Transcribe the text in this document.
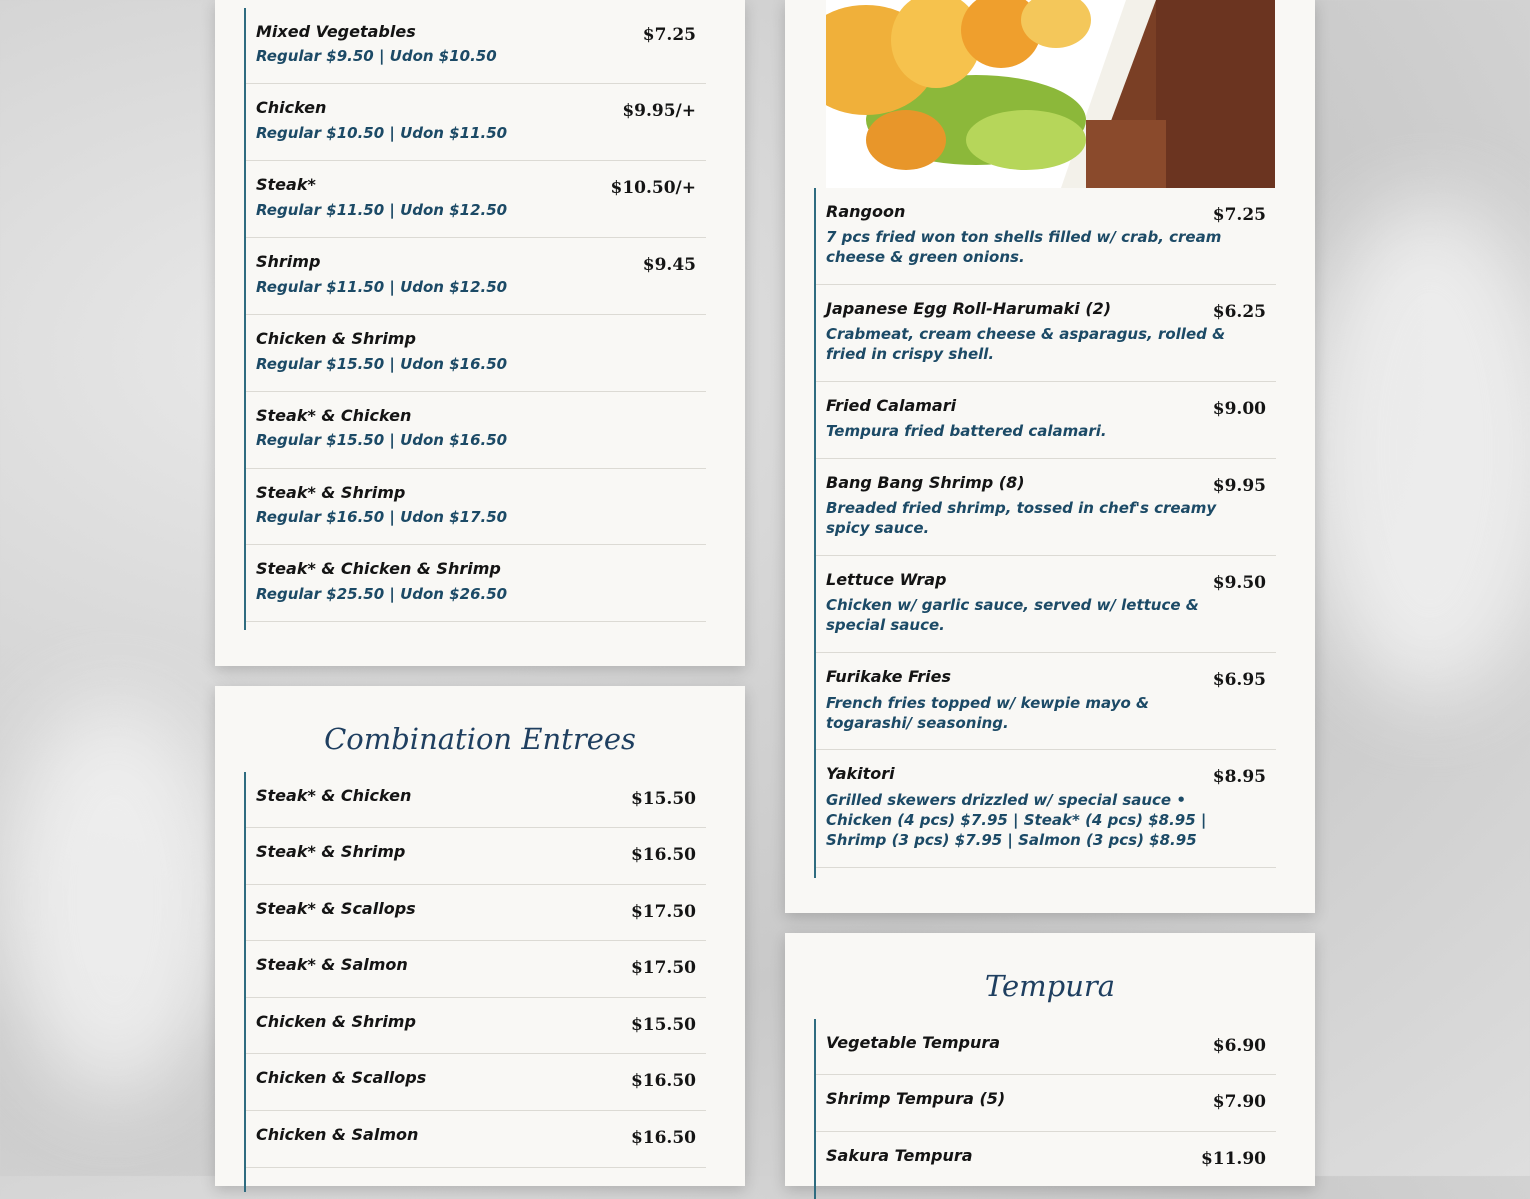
Mixed Vegetables	$7.25
Regular $9.50 | Udon $10.50
Chicken	$9.95/+
Regular $10.50 | Udon $11.50
Steak*	$10.50/+
Regular $11.50 | Udon $12.50
Shrimp	$9.45
Regular $11.50 | Udon $12.50
Chicken & Shrimp
Regular $15.50 | Udon $16.50
Steak* & Chicken
Regular $15.50 | Udon $16.50
Steak* & Shrimp
Regular $16.50 | Udon $17.50
Steak* & Chicken & Shrimp
Regular $25.50 | Udon $26.50
Combination Entrees
Steak* & Chicken	$15.50
Steak* & Shrimp	$16.50
Steak* & Scallops	$17.50
Steak* & Salmon	$17.50
Chicken & Shrimp	$15.50
Chicken & Scallops	$16.50
Chicken & Salmon	$16.50
Rangoon	$7.25
7 pcs fried won ton shells filled w/ crab, cream cheese & green onions.
Japanese Egg Roll-Harumaki (2)	$6.25
Crabmeat, cream cheese & asparagus, rolled & fried in crispy shell.
Fried Calamari	$9.00
Tempura fried battered calamari.
Bang Bang Shrimp (8)	$9.95
Breaded fried shrimp, tossed in chef's creamy spicy sauce.
Lettuce Wrap	$9.50
Chicken w/ garlic sauce, served w/ lettuce & special sauce.
Furikake Fries	$6.95
French fries topped w/ kewpie mayo & togarashi/ seasoning.
Yakitori	$8.95
Grilled skewers drizzled w/ special sauce • Chicken (4 pcs) $7.95 | Steak* (4 pcs) $8.95 | Shrimp (3 pcs) $7.95 | Salmon (3 pcs) $8.95
Tempura
Vegetable Tempura	$6.90
Shrimp Tempura (5)	$7.90
Sakura Tempura	$11.90
